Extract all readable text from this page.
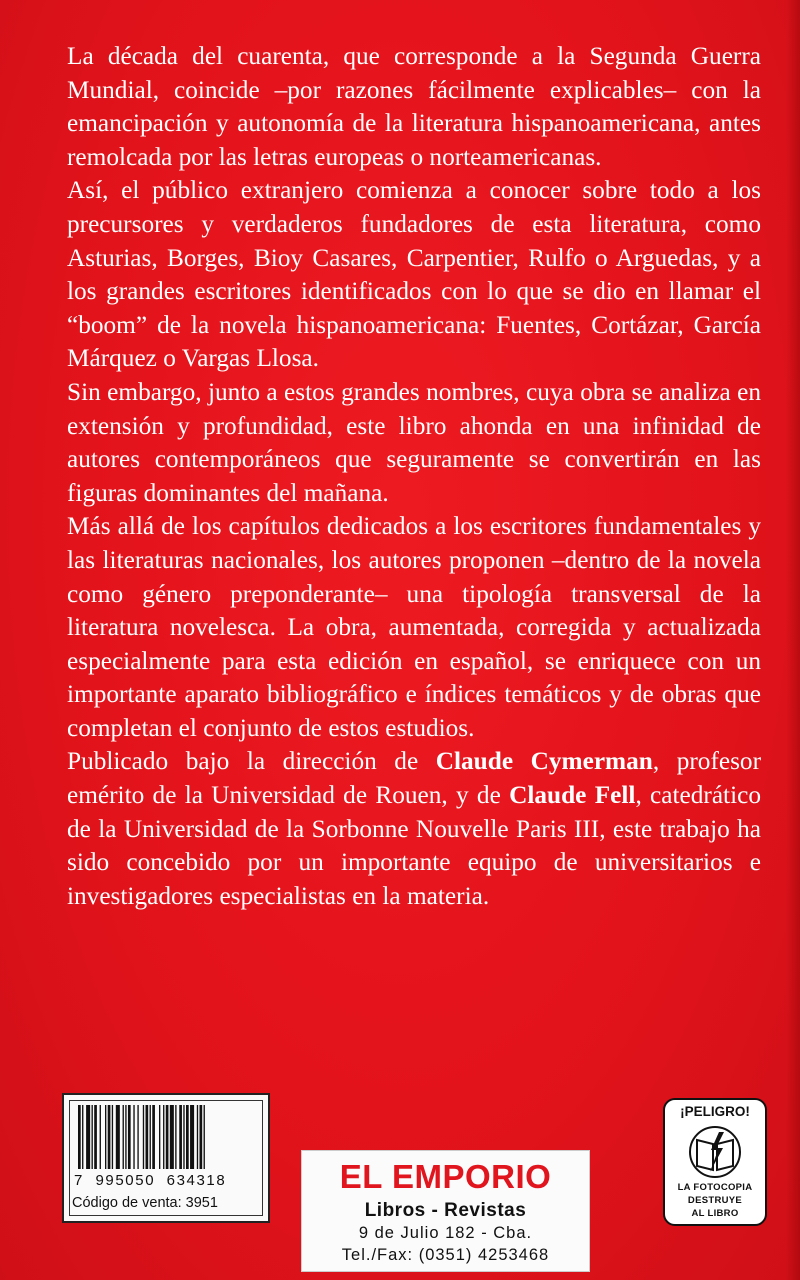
La década del cuarenta, que corresponde a la Segunda Guerra Mundial, coincide –por razones fácilmente explicables– con la emancipación y autonomía de la literatura hispanoamericana, antes remolcada por las letras europeas o norteamericanas.

Así, el público extranjero comienza a conocer sobre todo a los precursores y verdaderos fundadores de esta literatura, como Asturias, Borges, Bioy Casares, Carpentier, Rulfo o Arguedas, y a los grandes escritores identificados con lo que se dio en llamar el “boom” de la novela hispanoamericana: Fuentes, Cortázar, García Márquez o Vargas Llosa.

Sin embargo, junto a estos grandes nombres, cuya obra se analiza en extensión y profundidad, este libro ahonda en una infinidad de autores contemporáneos que seguramente se convertirán en las figuras dominantes del mañana.

Más allá de los capítulos dedicados a los escritores fundamentales y las literaturas nacionales, los autores proponen –dentro de la novela como género preponderante– una tipología transversal de la literatura novelesca. La obra, aumentada, corregida y actualizada especialmente para esta edición en español, se enriquece con un importante aparato bibliográfico e índices temáticos y de obras que completan el conjunto de estos estudios.

Publicado bajo la dirección de Claude Cymerman, profesor emérito de la Universidad de Rouen, y de Claude Fell, catedrático de la Universidad de la Sorbonne Nouvelle Paris III, este trabajo ha sido concebido por un importante equipo de universitarios e investigadores especialistas en la materia.

7  995050  634318
Código de venta: 3951
EL EMPORIO
Libros - Revistas
9 de Julio 182 - Cba.
Tel./Fax: (0351) 4253468
¡PELIGRO!
LA FOTOCOPIA
DESTRUYE
AL LIBRO
